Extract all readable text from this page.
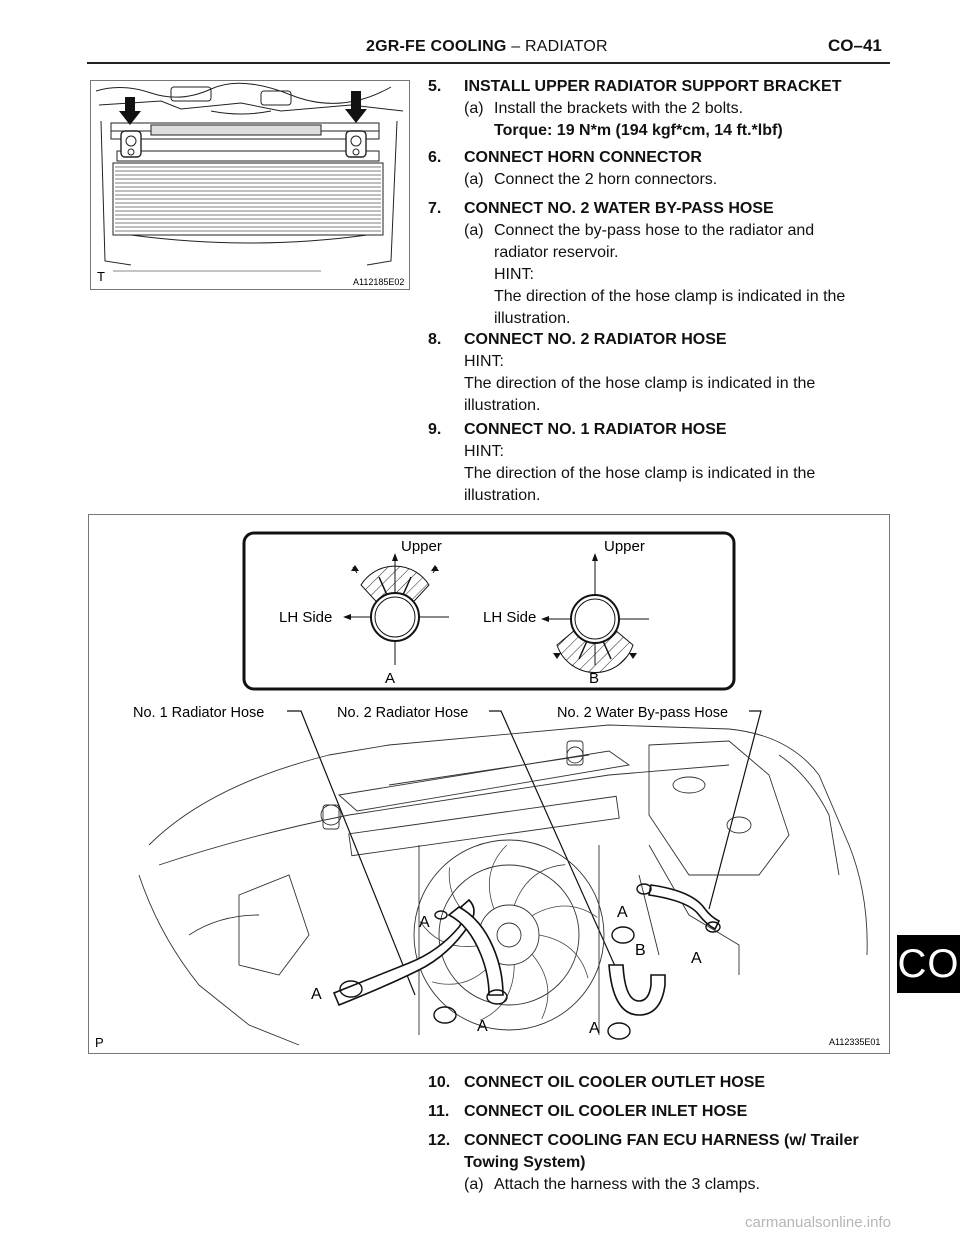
2GR-FE COOLING – RADIATOR	CO–41
CO
T	A112185E02
5. INSTALL UPPER RADIATOR SUPPORT BRACKET
(a) Install the brackets with the 2 bolts.
Torque: 19 N*m (194 kgf*cm, 14 ft.*lbf)
6. CONNECT HORN CONNECTOR
(a) Connect the 2 horn connectors.
7. CONNECT NO. 2 WATER BY-PASS HOSE
(a) Connect the by-pass hose to the radiator and
radiator reservoir.
HINT:
The direction of the hose clamp is indicated in the
illustration.
8. CONNECT NO. 2 RADIATOR HOSE
HINT:
The direction of the hose clamp is indicated in the
illustration.
9. CONNECT NO. 1 RADIATOR HOSE
HINT:
The direction of the hose clamp is indicated in the
illustration.
Upper	Upper
LH Side	LH Side
A	B
No. 1 Radiator Hose	No. 2 Radiator Hose	No. 2 Water By-pass Hose
A
A	A
A
B
A
A
P	A112335E01
10. CONNECT OIL COOLER OUTLET HOSE
11. CONNECT OIL COOLER INLET HOSE
12. CONNECT COOLING FAN ECU HARNESS (w/ Trailer
Towing System)
(a) Attach the harness with the 3 clamps.
carmanualsonline.info
